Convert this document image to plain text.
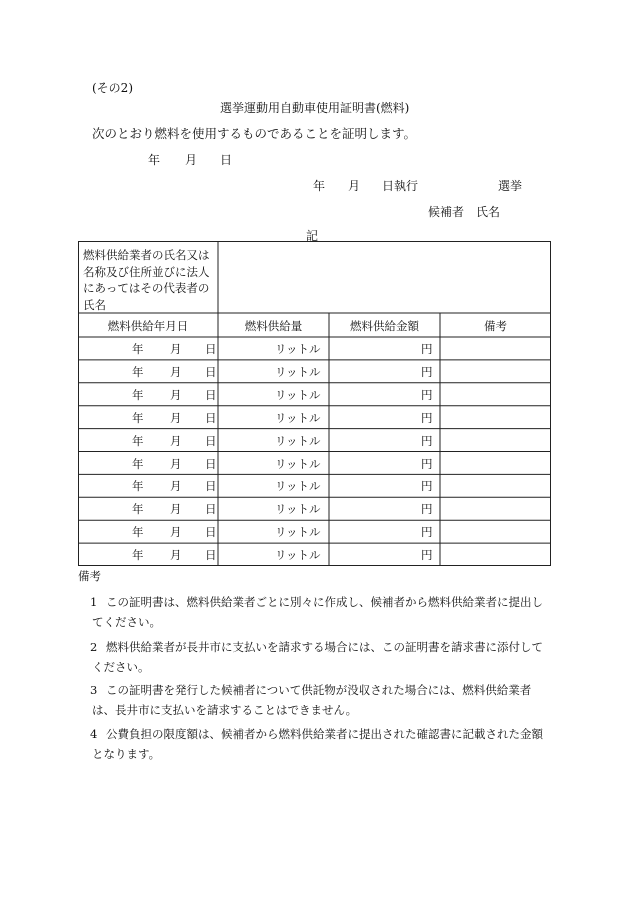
(その2)
選挙運動用自動車使用証明書(燃料)
次のとおり燃料を使用するものであることを証明します。
年 月 日
年 月 日執行	選挙
候補者 氏名
記
燃料供給業者の氏名又は名称及び住所並びに法人にあってはその代表者の氏名
燃料供給年月日	燃料供給量	燃料供給金額	備考
年 月 日	リットル	円
年 月 日	リットル	円
年 月 日	リットル	円
年 月 日	リットル	円
年 月 日	リットル	円
年 月 日	リットル	円
年 月 日	リットル	円
年 月 日	リットル	円
年 月 日	リットル	円
年 月 日	リットル	円
備考
1 この証明書は、燃料供給業者ごとに別々に作成し、候補者から燃料供給業者に提出し
てください。
2 燃料供給業者が長井市に支払いを請求する場合には、この証明書を請求書に添付して
ください。
3 この証明書を発行した候補者について供託物が没収された場合には、燃料供給業者
は、長井市に支払いを請求することはできません。
4 公費負担の限度額は、候補者から燃料供給業者に提出された確認書に記載された金額
となります。
